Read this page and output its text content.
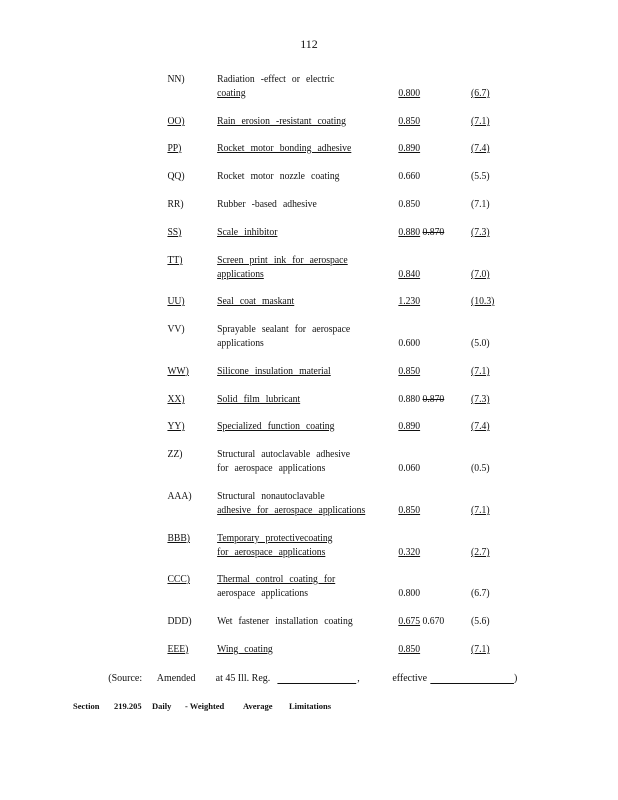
112
NN)	Radiation -effect or electric
coating	0.800	(6.7)
OO)	Rain erosion -resistant coating	0.850	(7.1)
PP)	Rocket motor bonding adhesive	0.890	(7.4)
QQ)	Rocket motor nozzle coating	0.660	(5.5)
RR)	Rubber -based adhesive	0.850	(7.1)
SS)	Scale inhibitor	0.880 0.870	(7.3)
TT)	Screen print ink for aerospace
applications	0.840	(7.0)
UU)	Seal coat maskant	1.230	(10.3)
VV)	Sprayable sealant for aerospace
applications	0.600	(5.0)
WW)	Silicone insulation material	0.850	(7.1)
XX)	Solid film lubricant	0.880 0.870	(7.3)
YY)	Specialized function coating	0.890	(7.4)
ZZ)	Structural autoclavable adhesive
for aerospace applications	0.060	(0.5)
AAA) Structural nonautoclavable
adhesive for aerospace applications	0.850	(7.1)
BBB)	Temporary protectivecoating
for aerospace applications	0.320	(2.7)
CCC)	Thermal control coating for
aerospace applications	0.800	(6.7)
DDD) Wet fastener installation coating	0.675 0.670	(5.6)
EEE)	Wing coating	0.850	(7.1)
(Source: Amended at 45 Ill. Reg.	,	effective	)
Section 219.205 Daily - Weighted Average Limitations
